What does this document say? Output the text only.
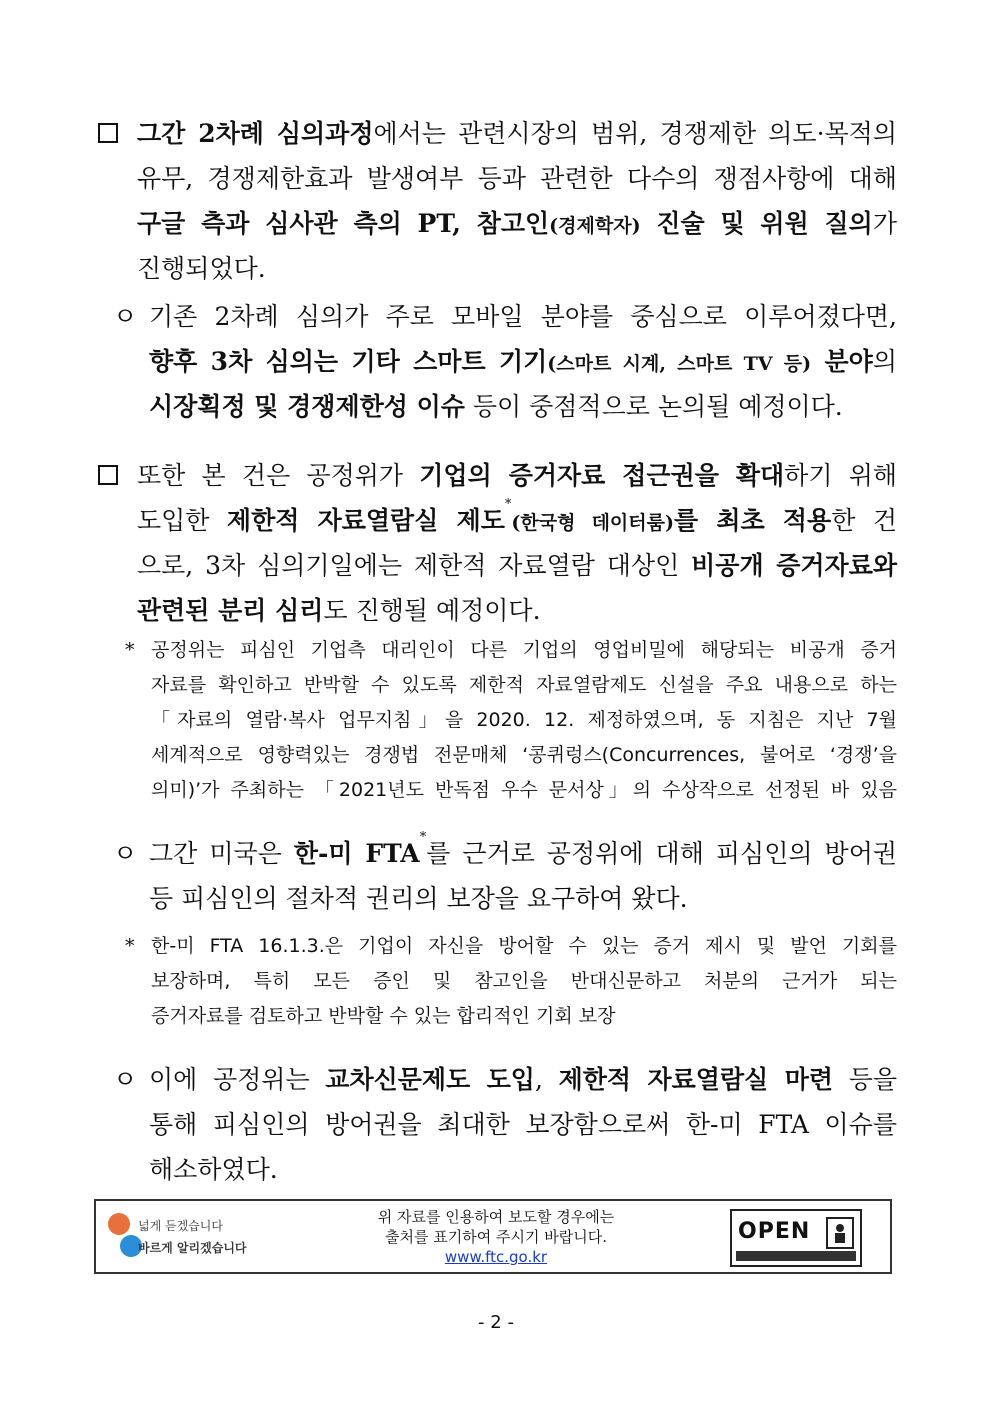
그간 2차례 심의과정에서는 관련시장의 범위, 경쟁제한 의도·목적의
유무, 경쟁제한효과 발생여부 등과 관련한 다수의 쟁점사항에 대해
구글 측과 심사관 측의 PT, 참고인(경제학자) 진술 및 위원 질의가
진행되었다.
ㅇ 기존 2차례 심의가 주로 모바일 분야를 중심으로 이루어졌다면,
향후 3차 심의는 기타 스마트 기기(스마트 시계, 스마트 TV 등) 분야의
시장획정 및 경쟁제한성 이슈 등이 중점적으로 논의될 예정이다.
또한 본 건은 공정위가 기업의 증거자료 접근권을 확대하기 위해
도입한 제한적 자료열람실 제도*(한국형 데이터룸)를 최초 적용한 건
으로, 3차 심의기일에는 제한적 자료열람 대상인 비공개 증거자료와
관련된 분리 심리도 진행될 예정이다.
* 공정위는 피심인 기업측 대리인이 다른 기업의 영업비밀에 해당되는 비공개 증거
자료를 확인하고 반박할 수 있도록 제한적 자료열람제도 신설을 주요 내용으로 하는
「자료의 열람·복사 업무지침」을 2020. 12. 제정하였으며, 동 지침은 지난 7월
세계적으로 영향력있는 경쟁법 전문매체 ‘콩퀴렁스(Concurrences, 불어로 ‘경쟁’을
의미)’가 주최하는 「2021년도 반독점 우수 문서상」의 수상작으로 선정된 바 있음
ㅇ 그간 미국은 한-미 FTA*를 근거로 공정위에 대해 피심인의 방어권
등 피심인의 절차적 권리의 보장을 요구하여 왔다.
* 한-미 FTA 16.1.3.은 기업이 자신을 방어할 수 있는 증거 제시 및 발언 기회를
보장하며, 특히 모든 증인 및 참고인을 반대신문하고 처분의 근거가 되는
증거자료를 검토하고 반박할 수 있는 합리적인 기회 보장
ㅇ 이에 공정위는 교차신문제도 도입, 제한적 자료열람실 마련 등을
통해 피심인의 방어권을 최대한 보장함으로써 한-미 FTA 이슈를
해소하였다.
넓게 듣겠습니다
바르게 알리겠습니다
위 자료를 인용하여 보도할 경우에는
출처를 표기하여 주시기 바랍니다.
www.ftc.go.kr
OPEN
- 2 -
